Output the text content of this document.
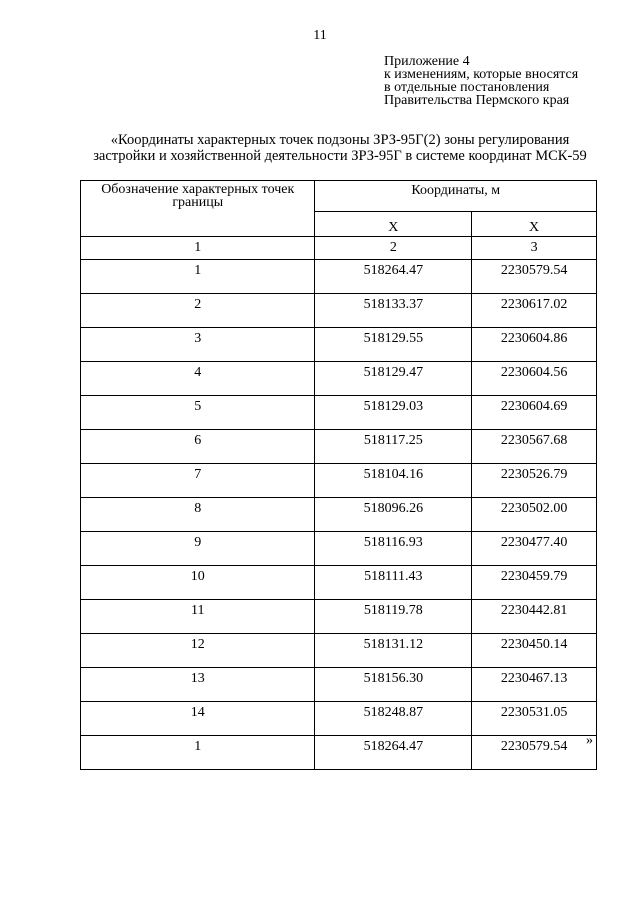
11
Приложение 4
к изменениям, которые вносятся
в отдельные постановления
Правительства Пермского края
«Координаты характерных точек подзоны ЗРЗ-95Г(2) зоны регулирования
застройки и хозяйственной деятельности ЗРЗ-95Г в системе координат МСК-59
Обозначение характерных точек границы	Координаты, м	
	X	X
1	2	3
1	518264.47	2230579.54
2	518133.37	2230617.02
3	518129.55	2230604.86
4	518129.47	2230604.56
5	518129.03	2230604.69
6	518117.25	2230567.68
7	518104.16	2230526.79
8	518096.26	2230502.00
9	518116.93	2230477.40
10	518111.43	2230459.79
11	518119.78	2230442.81
12	518131.12	2230450.14
13	518156.30	2230467.13
14	518248.87	2230531.05
1	518264.47	2230579.54 »
